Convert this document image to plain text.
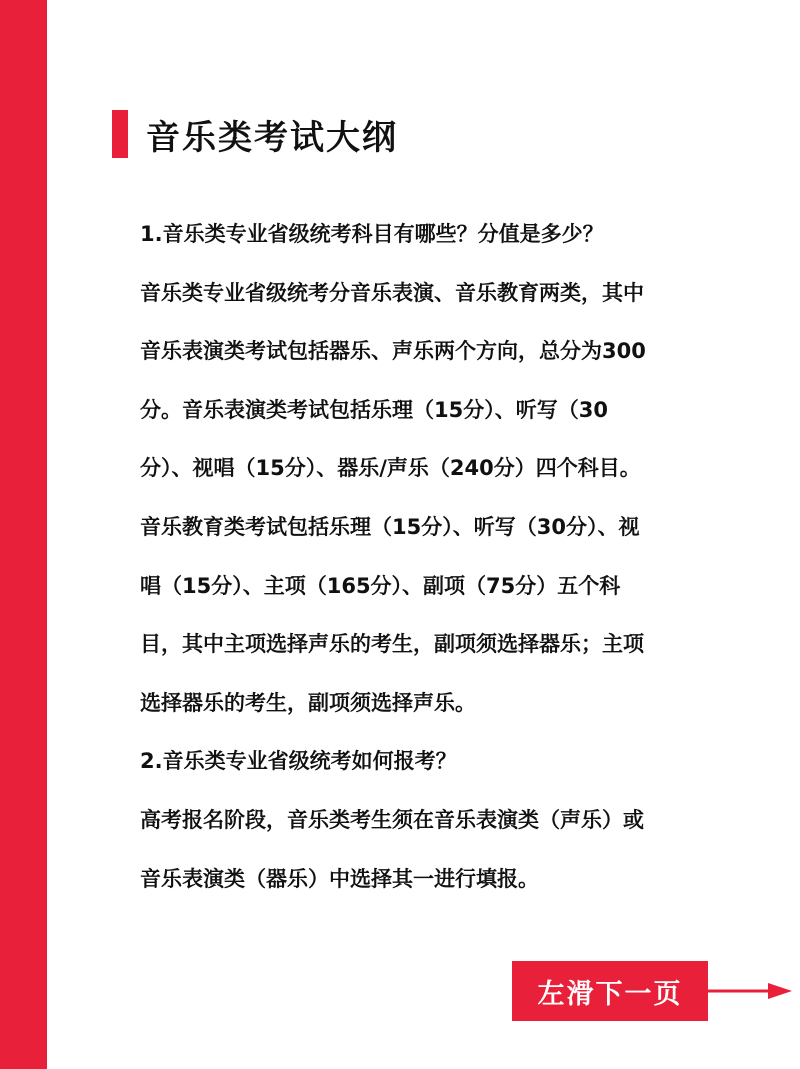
音乐类考试大纲
1.音乐类专业省级统考科目有哪些？分值是多少？
音乐类专业省级统考分音乐表演、音乐教育两类，其中
音乐表演类考试包括器乐、声乐两个方向，总分为300
分。音乐表演类考试包括乐理（15分）、听写（30
分）、视唱（15分）、器乐/声乐（240分）四个科目。
音乐教育类考试包括乐理（15分）、听写（30分）、视
唱（15分）、主项（165分）、副项（75分）五个科
目，其中主项选择声乐的考生，副项须选择器乐；主项
选择器乐的考生，副项须选择声乐。
2.音乐类专业省级统考如何报考？
高考报名阶段，音乐类考生须在音乐表演类（声乐）或
音乐表演类（器乐）中选择其一进行填报。
左滑下一页
